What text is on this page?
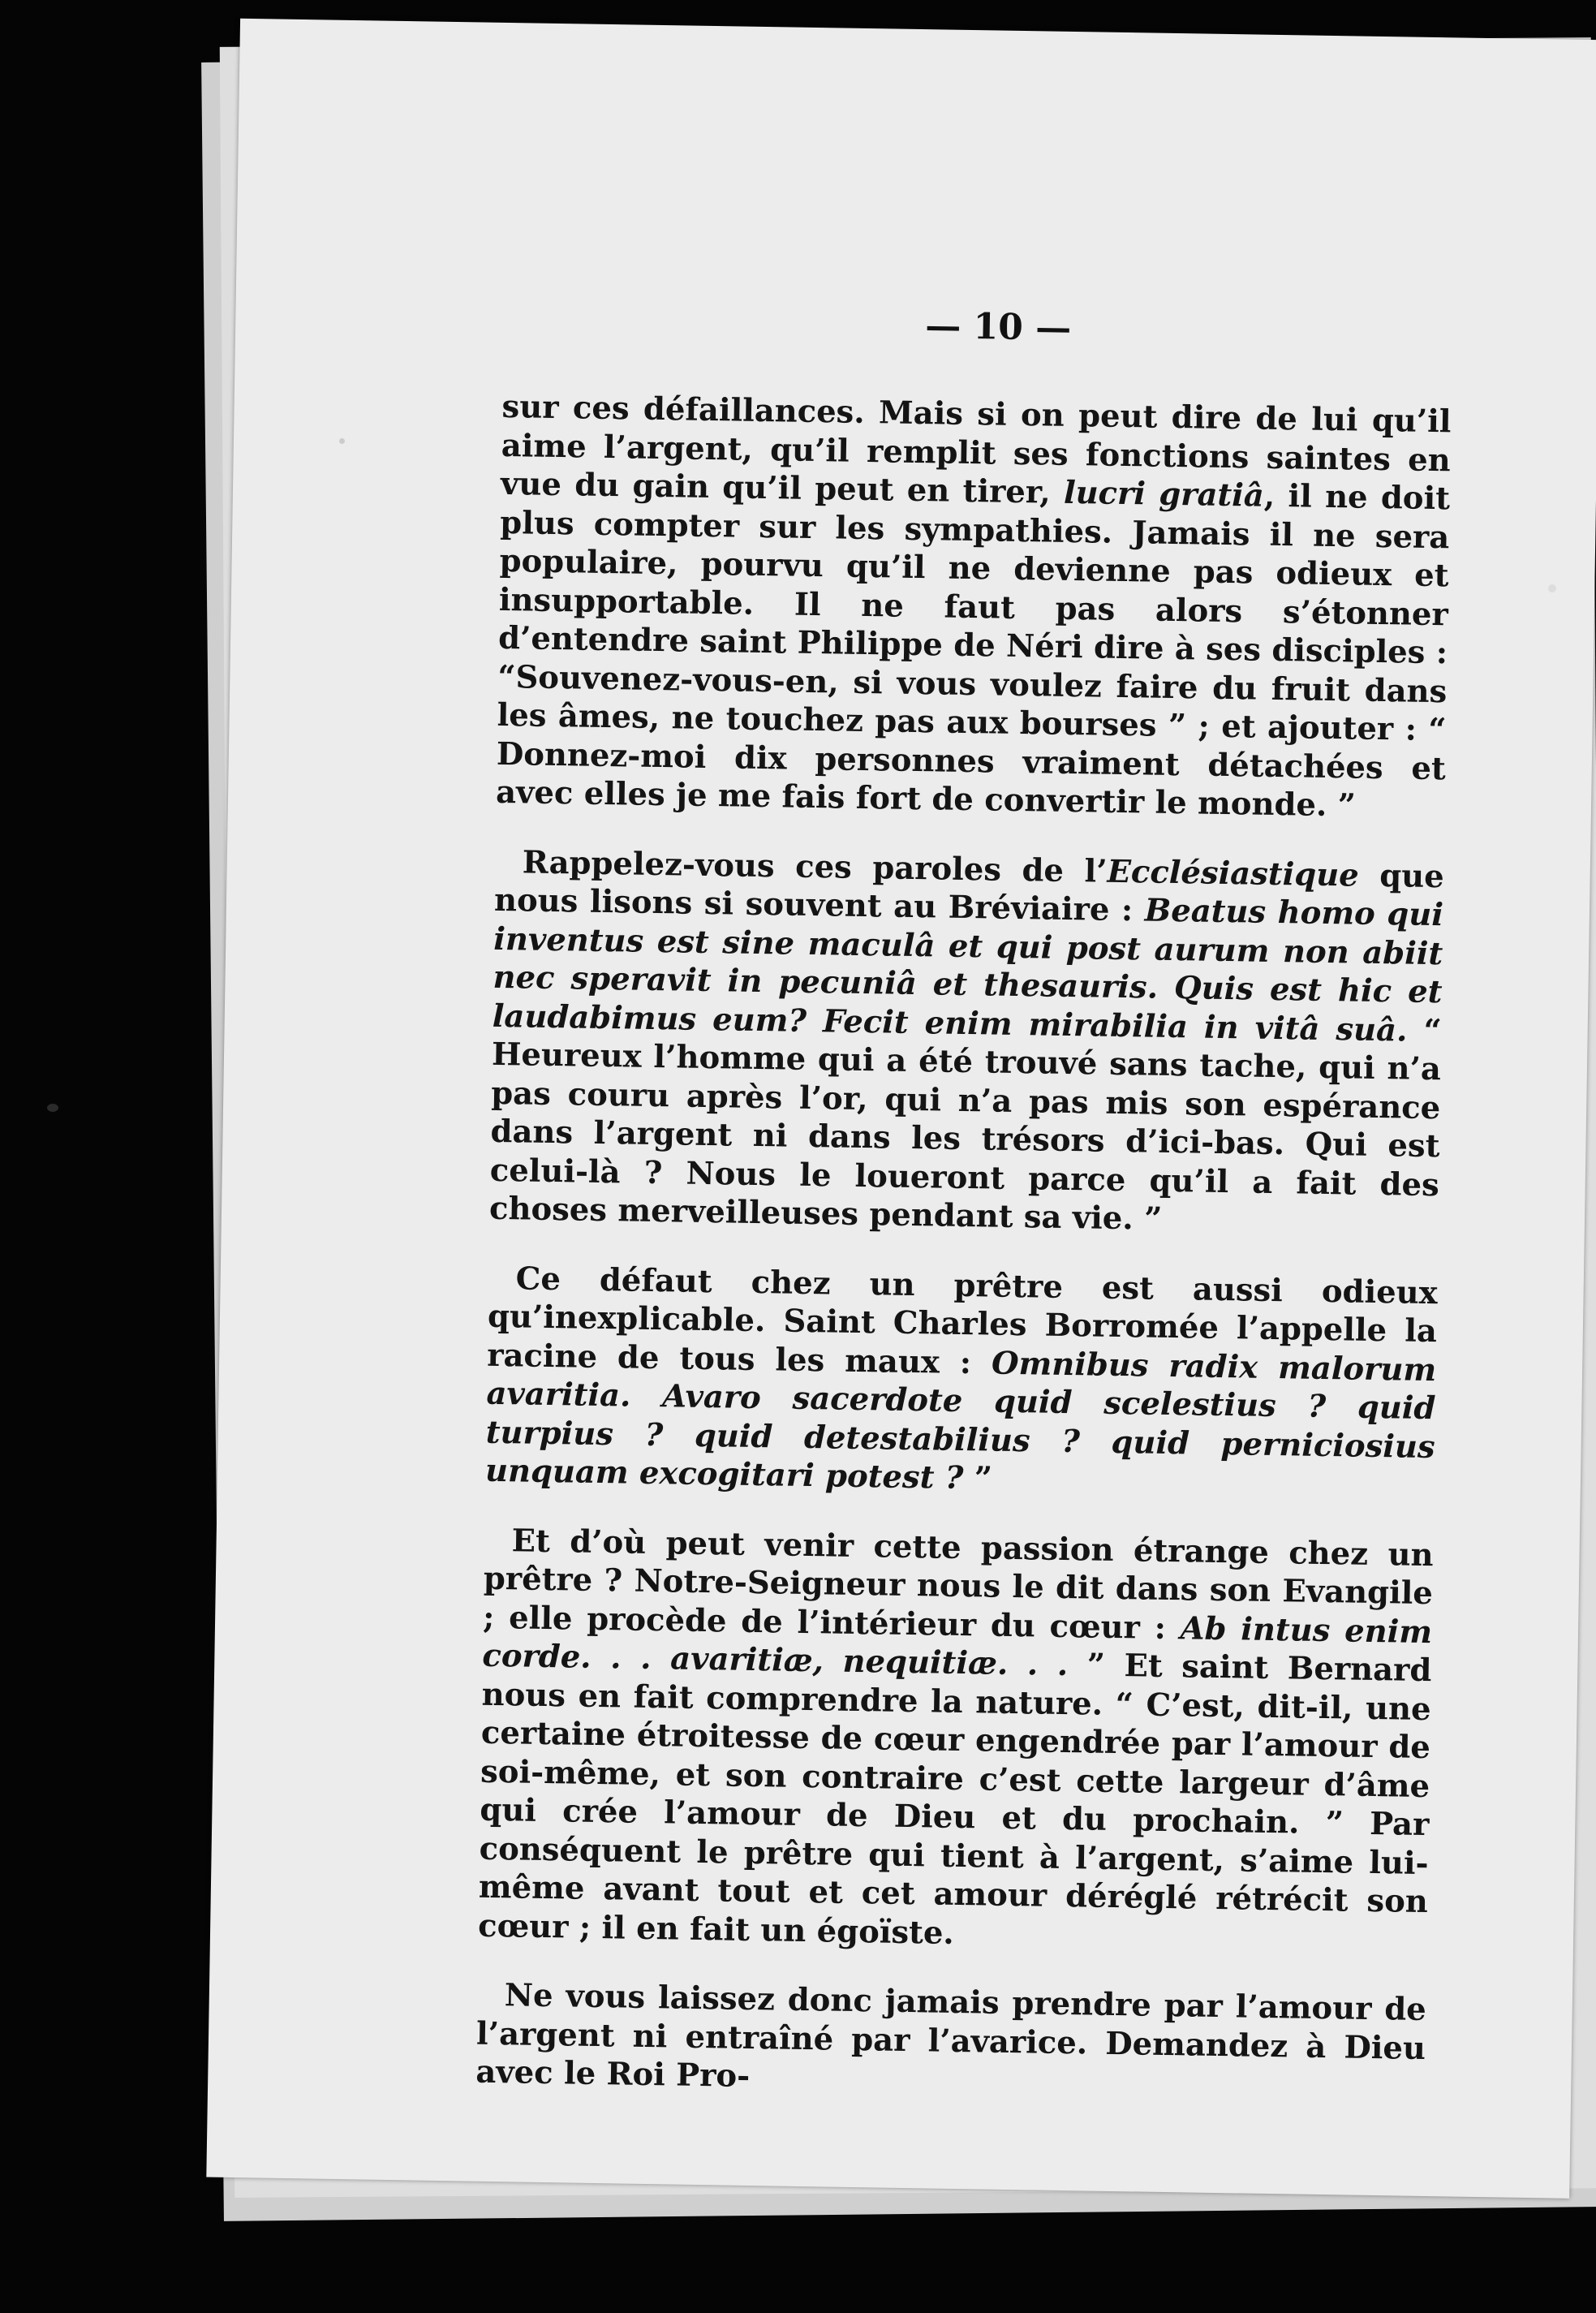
— 10 —

sur ces défaillances. Mais si on peut dire de lui qu’il aime l’argent, qu’il remplit ses fonctions saintes en vue du gain qu’il peut en tirer, lucri gratiâ, il ne doit plus compter sur les sympathies. Jamais il ne sera populaire, pourvu qu’il ne devienne pas odieux et insupportable. Il ne faut pas alors s’étonner d’entendre saint Philippe de Néri dire à ses disciples : “Souvenez-vous-en, si vous voulez faire du fruit dans les âmes, ne touchez pas aux bourses ” ; et ajouter : “ Donnez-moi dix personnes vraiment détachées et avec elles je me fais fort de convertir le monde. ”

Rappelez-vous ces paroles de l’Ecclésiastique que nous lisons si souvent au Bréviaire : Beatus homo qui inventus est sine maculâ et qui post aurum non abiit nec speravit in pecuniâ et thesauris. Quis est hic et laudabimus eum? Fecit enim mirabilia in vitâ suâ. “ Heureux l’homme qui a été trouvé sans tache, qui n’a pas couru après l’or, qui n’a pas mis son espérance dans l’argent ni dans les trésors d’ici-bas. Qui est celui-là ? Nous le loueront parce qu’il a fait des choses merveilleuses pendant sa vie. ”

Ce défaut chez un prêtre est aussi odieux qu’inexplicable. Saint Charles Borromée l’appelle la racine de tous les maux : Omnibus radix malorum avaritia. Avaro sacerdote quid scelestius ? quid turpius ? quid detestabilius ? quid perniciosius unquam excogitari potest ? ”

Et d’où peut venir cette passion étrange chez un prêtre ? Notre-Seigneur nous le dit dans son Evangile ; elle procède de l’intérieur du cœur : Ab intus enim corde. . . avaritiæ, nequitiæ. . . ” Et saint Bernard nous en fait comprendre la nature. “ C’est, dit-il, une certaine étroitesse de cœur engendrée par l’amour de soi-même, et son contraire c’est cette largeur d’âme qui crée l’amour de Dieu et du prochain. ” Par conséquent le prêtre qui tient à l’argent, s’aime lui-même avant tout et cet amour déréglé rétrécit son cœur ; il en fait un égoïste.

Ne vous laissez donc jamais prendre par l’amour de l’argent ni entraîné par l’avarice. Demandez à Dieu avec le Roi Pro-
